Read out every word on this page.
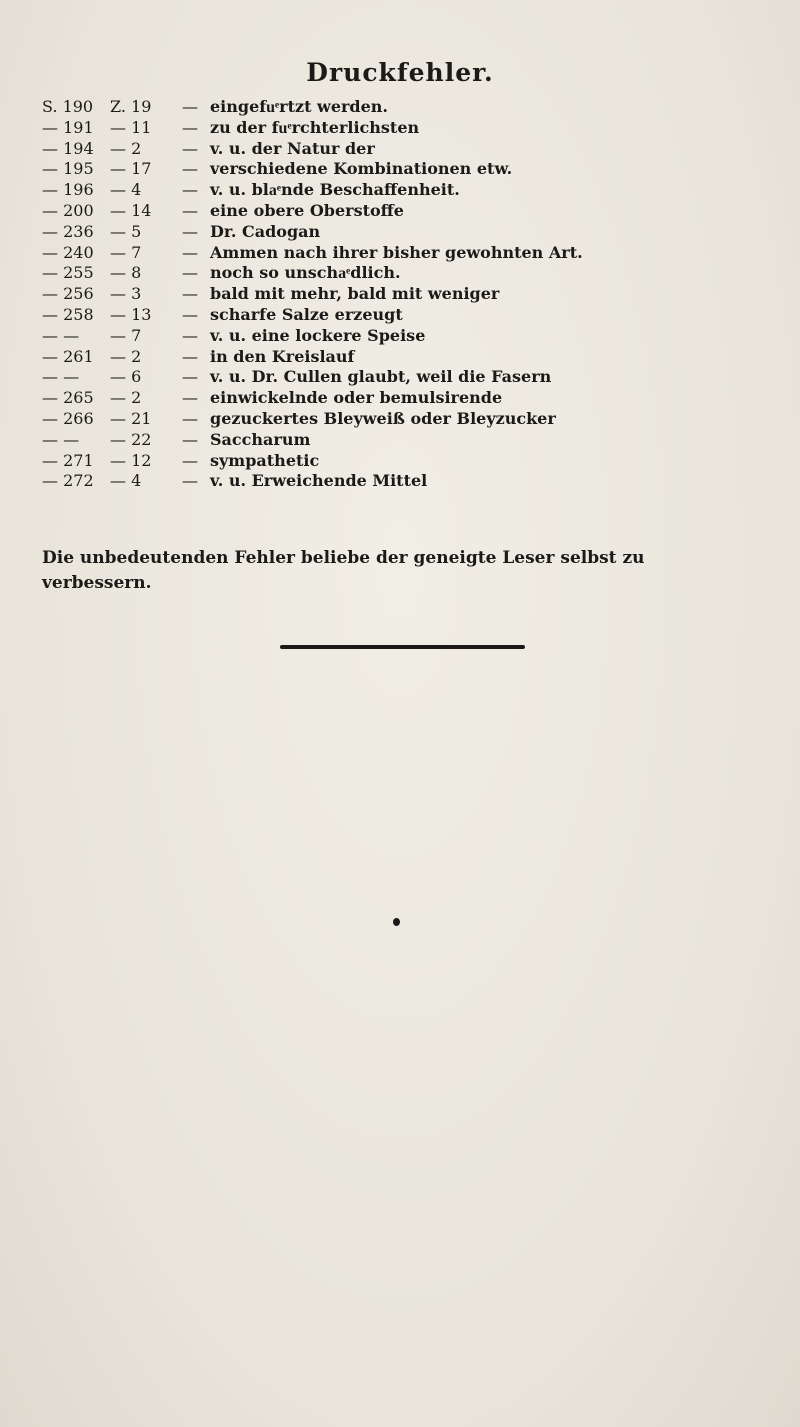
Druckfehler.
S. 190	Z. 19	— eingefuͤrtzt werden.
— 191	— 11	— zu der fuͤrchterlichsten
— 194	— 2	— v. u. der Natur der
— 195	— 17	— verschiedene Kombinationen etw.
— 196	— 4	— v. u. blaͤnde Beschaffenheit.
— 200	— 14	— eine obere Oberstoffe
— 236	— 5	— Dr. Cadogan
— 240	— 7	— Ammen nach ihrer bisher gewohnten Art.
— 255	— 8	— noch so unschaͤdlich.
— 256	— 3	— bald mit mehr, bald mit weniger
— 258	— 13	— scharfe Salze erzeugt
— —	— 7	— v. u. eine lockere Speise
— 261	— 2	— in den Kreislauf
— —	— 6	— v. u. Dr. Cullen glaubt, weil die Fasern
— 265	— 2	— einwickelnde oder bemulsirende
— 266	— 21	— gezuckertes Bleyweiß oder Bleyzucker
— —	— 22	— Saccharum
— 271	— 12	— sympathetic
— 272	— 4	— v. u. Erweichende Mittel
Die unbedeutenden Fehler beliebe der geneigte Leser selbst zu verbessern.
